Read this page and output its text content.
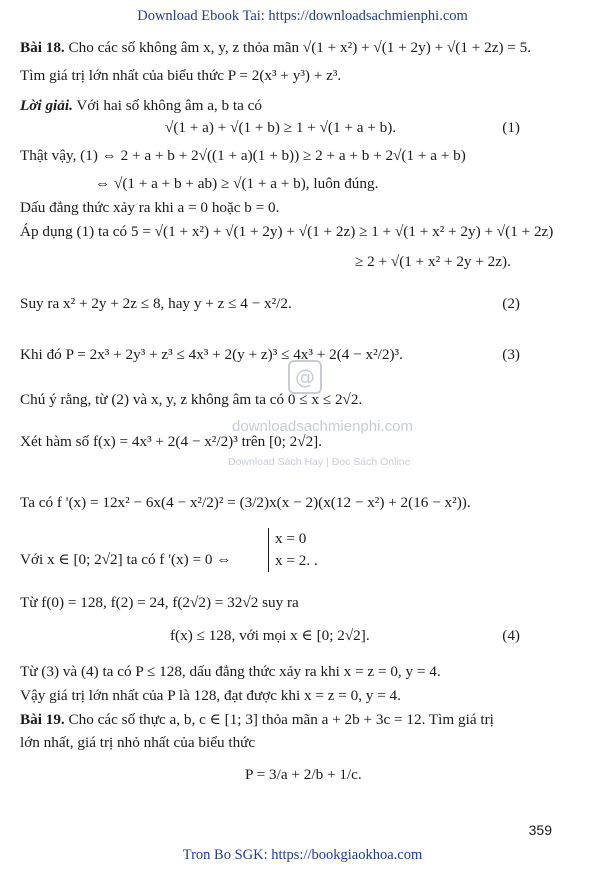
Download Ebook Tai: https://downloadsachmienphi.com
Bài 18. Cho các số không âm x, y, z thỏa mãn √(1 + x²) + √(1 + 2y) + √(1 + 2z) = 5.
Tìm giá trị lớn nhất của biểu thức P = 2(x³ + y³) + z³.
Lời giải. Với hai số không âm a, b ta có
√(1 + a) + √(1 + b) ≥ 1 + √(1 + a + b).	(1)
Thật vậy, (1) ⇔ 2 + a + b + 2√((1 + a)(1 + b)) ≥ 2 + a + b + 2√(1 + a + b)
⇔ √(1 + a + b + ab) ≥ √(1 + a + b), luôn đúng.
Dấu đẳng thức xảy ra khi a = 0 hoặc b = 0.
Áp dụng (1) ta có 5 = √(1 + x²) + √(1 + 2y) + √(1 + 2z) ≥ 1 + √(1 + x² + 2y) + √(1 + 2z)
≥ 2 + √(1 + x² + 2y + 2z).
Suy ra x² + 2y + 2z ≤ 8, hay y + z ≤ 4 − x²/2.	(2)
Khi đó P = 2x³ + 2y³ + z³ ≤ 4x³ + 2(y + z)³ ≤ 4x³ + 2(4 − x²/2)³.	(3)
Chú ý rằng, từ (2) và x, y, z không âm ta có 0 ≤ x ≤ 2√2.
Xét hàm số f(x) = 4x³ + 2(4 − x²/2)³ trên [0; 2√2].
Ta có f '(x) = 12x² − 6x(4 − x²/2)² = (3/2)x(x − 2)(x(12 − x²) + 2(16 − x²)).
Với x ∈ [0; 2√2] ta có f '(x) = 0 ⇔
x = 0
x = 2. .
Từ f(0) = 128, f(2) = 24, f(2√2) = 32√2 suy ra
f(x) ≤ 128, với mọi x ∈ [0; 2√2].	(4)
Từ (3) và (4) ta có P ≤ 128, dấu đẳng thức xảy ra khi x = z = 0, y = 4.
Vậy giá trị lớn nhất của P là 128, đạt được khi x = z = 0, y = 4.
Bài 19. Cho các số thực a, b, c ∈ [1; 3] thỏa mãn a + 2b + 3c = 12. Tìm giá trị
lớn nhất, giá trị nhỏ nhất của biểu thức
P = 3/a + 2/b + 1/c.
@
downloadsachmienphi.com
Download Sách Hay | Đọc Sách Online
359
Tron Bo SGK: https://bookgiaokhoa.com
